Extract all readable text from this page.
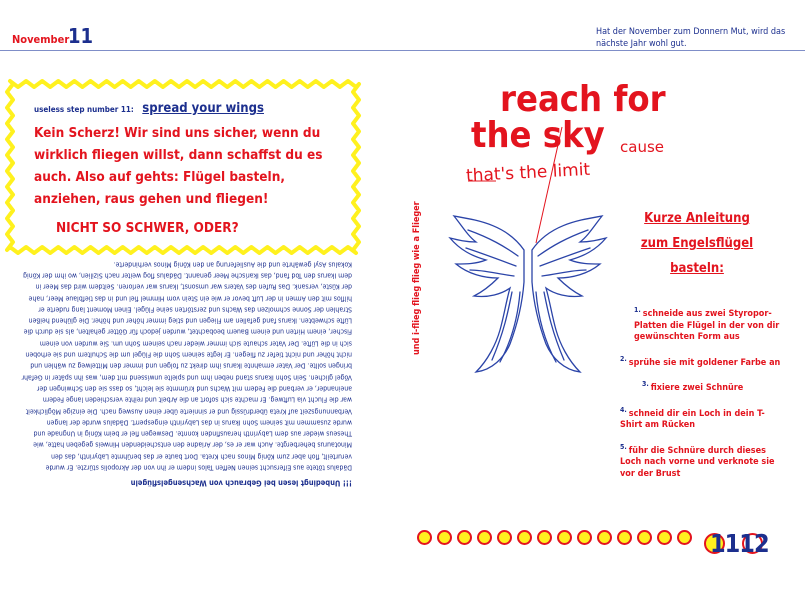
November
11	Hat der November zum Donnern Mut, wird das nächste Jahr wohl gut.
useless step number 11: spread your wings
Kein Scherz! Wir sind uns sicher, wenn du wirklich fliegen willst, dann schaffst du es auch. Also auf gehts: Flügel basteln, anziehen, raus gehen und fliegen!
NICHT SO SCHWER, ODER?
!!! Unbedingt lesen bei Gebrauch von Wachsengelsflügeln
Dädalus tötete aus Eifersucht seinen Neffen Talos indem er ihn von der Akropolis stürzte. Er wurde verurteilt, floh aber zum König Minos nach Kreta. Dort baute er das berühmte Labyrinth, das den Minotaurus beherbergte. Auch war er es, der Ariadne den entscheidenden Hinweis gegeben hatte, wie Theseus wieder aus dem Labyrinth herausfinden konnte. Deswegen fiel er beim König in Ungnade und wurde zusammen mit seinem Sohn Ikarus in das Labyrinth eingesperrt. Dädalus wurde der langen Verbannungszeit auf Kreta überdrüssig und er sinnierte über einen Ausweg nach. Die einzige Möglichkeit war die Flucht via Luftweg. Er machte sich sofort an die Arbeit und reihte verschieden lange Federn aneinander, er verband die Federn mit Wachs und krümmte sie leicht, so dass sie den Schwingen der Vögel glichen. Sein Sohn Ikarus stand neben ihm und spielte unwissend mit dem, was ihn später in Gefahr bringen sollte. Der Vater ermahnte Ikarus ihm direkt zu folgen und immer den Mittelweg zu wählen und nicht höher und nicht tiefer zu fliegen. Er legte seinem Sohn die Flügel um die Schultern und sie erhoben sich in die Lüfte. Der Vater schaute sich immer wieder nach seinem Sohn um. Sie wurden von einem Fischer, einem Hirten und einem Bauern beobachtet, wurden jedoch für Götter gehalten, als sie durch die Lüfte schwebten. Ikarus fand gefallen am Fliegen und stieg immer höher und höher. Die glühend heißen Strahlen der Sonne schmolzen das Wachs und zerstörten seine Flügel. Einen Moment lang ruderte er hilflos mit den Armen in der Luft bevor er wie ein Stein vom Himmel fiel und in das tiefblaue Meer, nahe der Küste, versank. Das Rufen des Vaters war umsonst, Ikarus war verloren. Seitdem wird das Meer in dem Ikarus den Tod fand, das Ikarische Meer genannt. Dädalus flog weiter nach Sizilien, wo ihm der König Kokalus Asyl gewährte und die Auslieferung an den König Minos verhinderte.
reach for
the sky cause
that's the limit
und i-flieg flieg flieg wie a Flieger	Kurze Anleitung
zum Engelsflügel
basteln:
$^{1.}$ schneide aus zwei Styropor-Platten die Flügel in der von dir gewünschten Form aus
$^{2.}$ sprühe sie mit goldener Farbe an
$^{3.}$ fixiere zwei Schnüre
$^{4.}$ schneid dir ein Loch in dein T-Shirt am Rücken
$^{5.}$ führ die Schnüre durch dieses Loch nach vorne und verknote sie vor der Brust
1112
